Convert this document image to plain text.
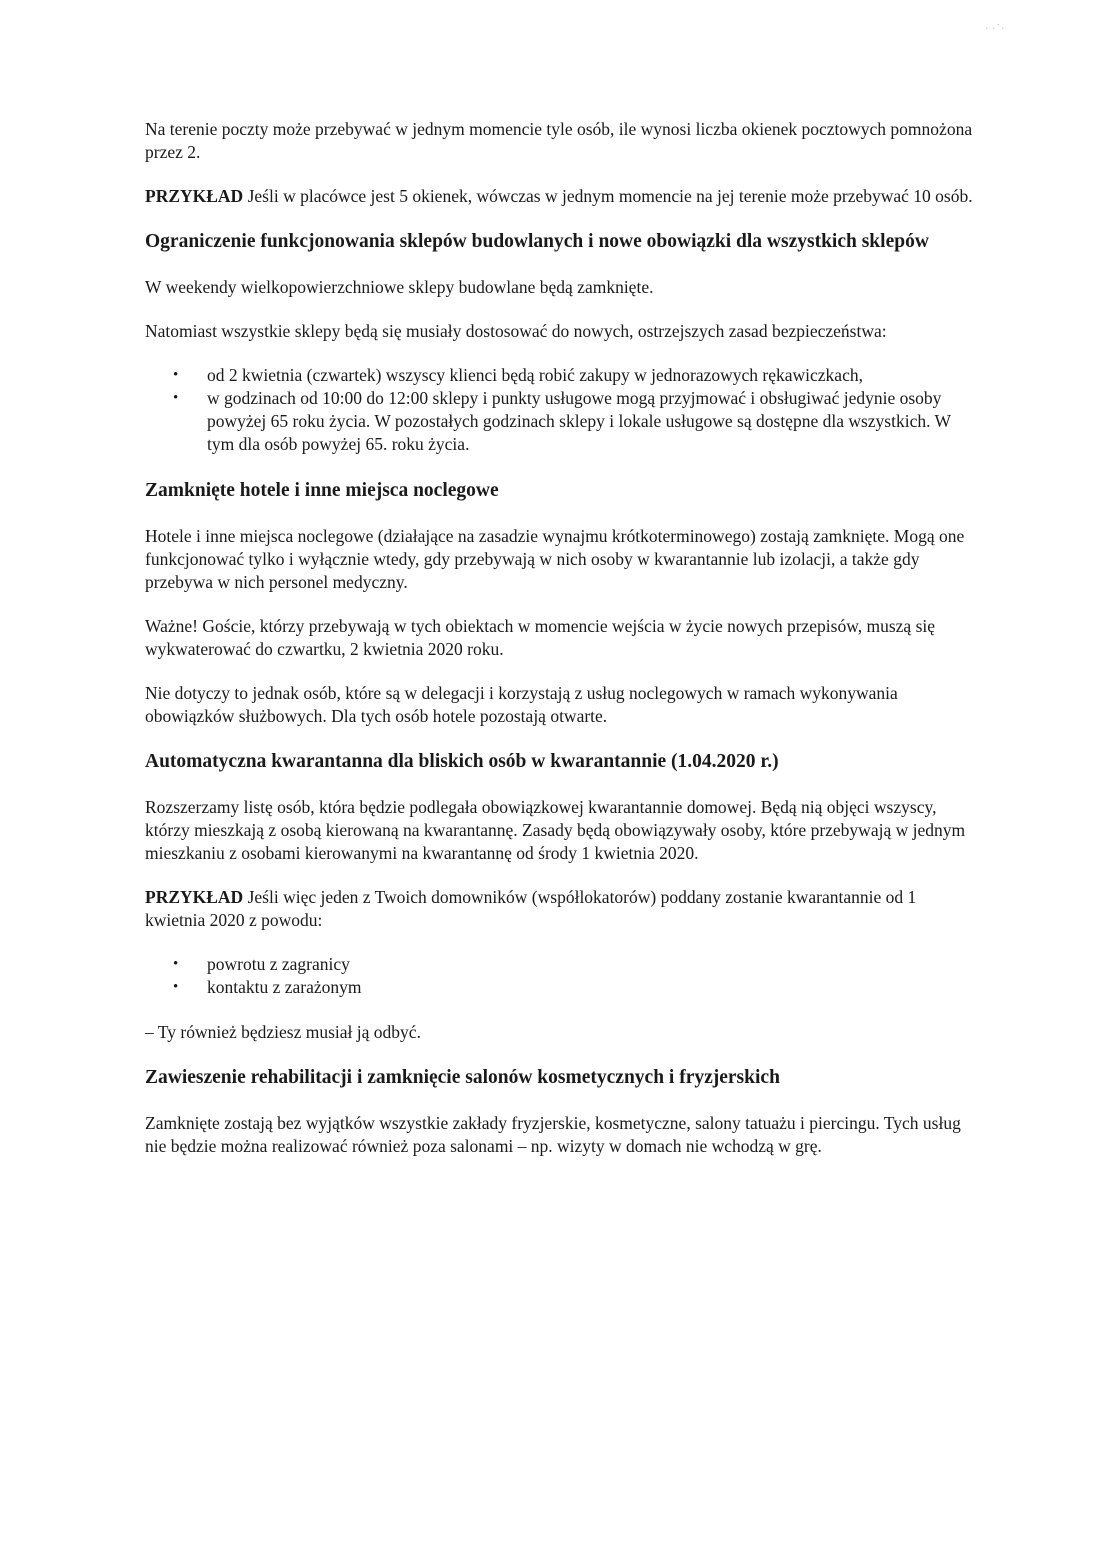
Na terenie poczty może przebywać w jednym momencie tyle osób, ile wynosi liczba okienek pocztowych pomnożona przez 2.

PRZYKŁAD Jeśli w placówce jest 5 okienek, wówczas w jednym momencie na jej terenie może przebywać 10 osób.

Ograniczenie funkcjonowania sklepów budowlanych i nowe obowiązki dla wszystkich sklepów

W weekendy wielkopowierzchniowe sklepy budowlane będą zamknięte.

Natomiast wszystkie sklepy będą się musiały dostosować do nowych, ostrzejszych zasad bezpieczeństwa:

• od 2 kwietnia (czwartek) wszyscy klienci będą robić zakupy w jednorazowych rękawiczkach,
• w godzinach od 10:00 do 12:00 sklepy i punkty usługowe mogą przyjmować i obsługiwać jedynie osoby powyżej 65 roku życia. W pozostałych godzinach sklepy i lokale usługowe są dostępne dla wszystkich. W tym dla osób powyżej 65. roku życia.

Zamknięte hotele i inne miejsca noclegowe

Hotele i inne miejsca noclegowe (działające na zasadzie wynajmu krótkoterminowego) zostają zamknięte. Mogą one funkcjonować tylko i wyłącznie wtedy, gdy przebywają w nich osoby w kwarantannie lub izolacji, a także gdy przebywa w nich personel medyczny.

Ważne! Goście, którzy przebywają w tych obiektach w momencie wejścia w życie nowych przepisów, muszą się wykwaterować do czwartku, 2 kwietnia 2020 roku.

Nie dotyczy to jednak osób, które są w delegacji i korzystają z usług noclegowych w ramach wykonywania obowiązków służbowych. Dla tych osób hotele pozostają otwarte.

Automatyczna kwarantanna dla bliskich osób w kwarantannie (1.04.2020 r.)

Rozszerzamy listę osób, która będzie podlegała obowiązkowej kwarantannie domowej. Będą nią objęci wszyscy, którzy mieszkają z osobą kierowaną na kwarantannę. Zasady będą obowiązywały osoby, które przebywają w jednym mieszkaniu z osobami kierowanymi na kwarantannę od środy 1 kwietnia 2020.

PRZYKŁAD Jeśli więc jeden z Twoich domowników (współlokatorów) poddany zostanie kwarantannie od 1 kwietnia 2020 z powodu:

• powrotu z zagranicy
• kontaktu z zarażonym

– Ty również będziesz musiał ją odbyć.

Zawieszenie rehabilitacji i zamknięcie salonów kosmetycznych i fryzjerskich

Zamknięte zostają bez wyjątków wszystkie zakłady fryzjerskie, kosmetyczne, salony tatuażu i piercingu. Tych usług nie będzie można realizować również poza salonami – np. wizyty w domach nie wchodzą w grę.

· ·˙·
